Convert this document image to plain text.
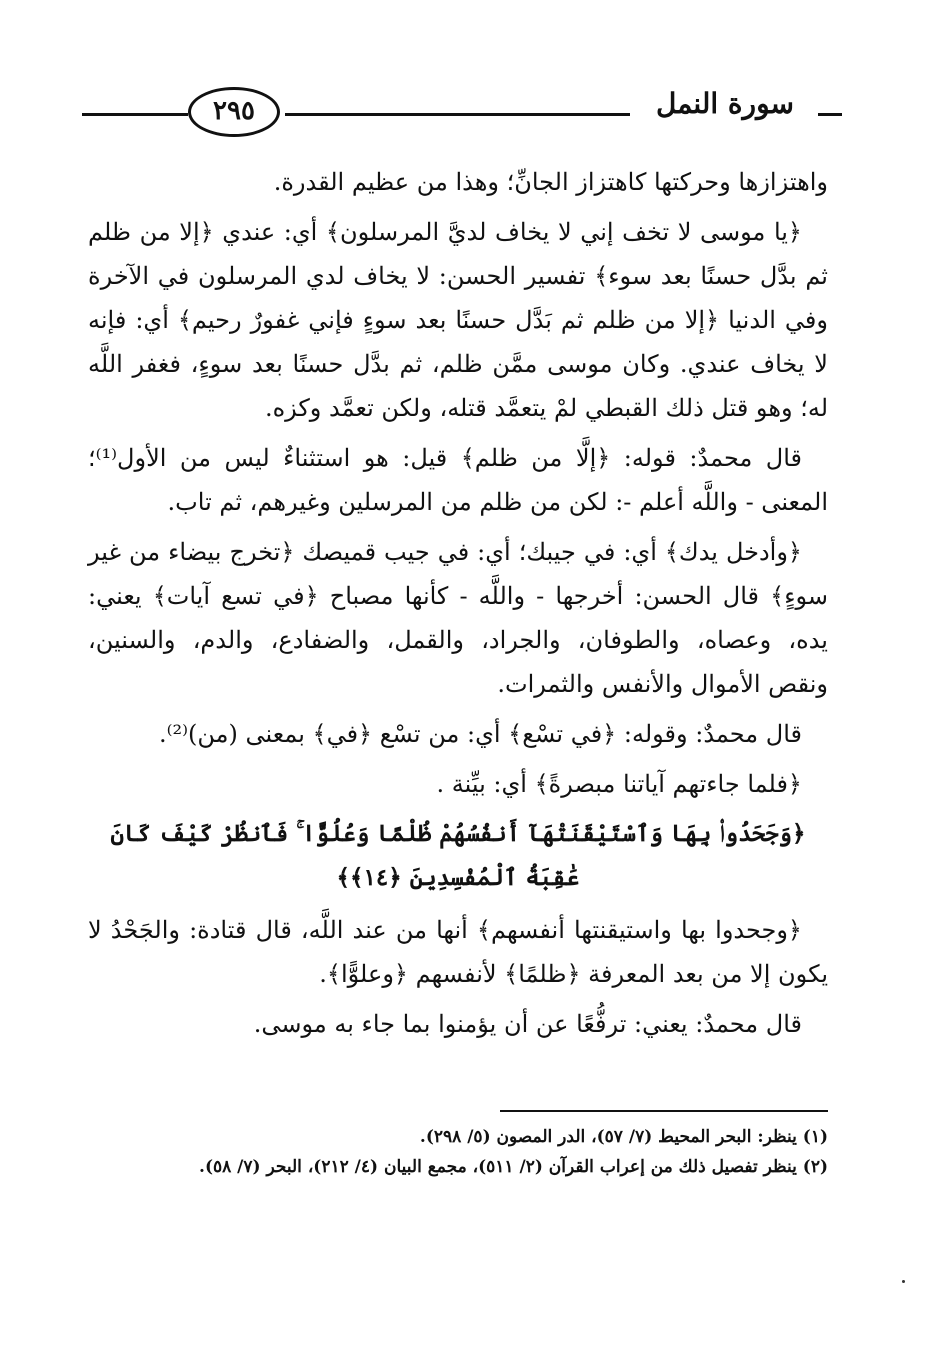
٢٩٥	سورة النمل

واهتزازها وحركتها كاهتزاز الجانِّ؛ وهذا من عظيم القدرة.

﴿يا موسى لا تخف إني لا يخاف لديَّ المرسلون﴾ أي: عندي ﴿إلا من ظلم ثم بدَّل حسنًا بعد سوء﴾ تفسير الحسن: لا يخاف لدي المرسلون في الآخرة وفي الدنيا ﴿إلا من ظلم ثم بَدَّل حسنًا بعد سوءٍ فإني غفورٌ رحيم﴾ أي: فإنه لا يخاف عندي. وكان موسى ممَّن ظلم، ثم بدَّل حسنًا بعد سوءٍ، فغفر اللَّه له؛ وهو قتل ذلك القبطي لمْ يتعمَّد قتله، ولكن تعمَّد وكزه.

قال محمدٌ: قوله: ﴿إلَّا من ظلم﴾ قيل: هو استثناءٌ ليس من الأول⁽¹⁾؛ المعنى - واللَّه أعلم -: لكن من ظلم من المرسلين وغيرهم، ثم تاب.

﴿وأدخل يدك﴾ أي: في جيبك؛ أي: في جيب قميصك ﴿تخرج بيضاء من غير سوءٍ﴾ قال الحسن: أخرجها - واللَّه - كأنها مصباح ﴿في تسع آيات﴾ يعني: يده، وعصاه، والطوفان، والجراد، والقمل، والضفادع، والدم، والسنين، ونقص الأموال والأنفس والثمرات.

قال محمدٌ: وقوله: ﴿في تسْع﴾ أي: من تسْع ﴿في﴾ بمعنى (من)⁽²⁾.

﴿فلما جاءتهم آياتنا مبصرةً﴾ أي: بيِّنة .

﴿وَجَحَدُوا۟ بِهَا وَٱسْتَيْقَنَتْهَآ أَنفُسُهُمْ ظُلْمًا وَعُلُوًّا ۚ فَٱنظُرْ كَيْفَ كَانَ عَٰقِبَةُ ٱلْمُفْسِدِينَ ﴿١٤﴾﴾

﴿وجحدوا بها واستيقنتها أنفسهم﴾ أنها من عند اللَّه، قال قتادة: والجَحْدُ لا يكون إلا من بعد المعرفة ﴿ظلمًا﴾ لأنفسهم ﴿وعلوًّا﴾.

قال محمدٌ: يعني: ترفُّعًا عن أن يؤمنوا بما جاء به موسى.

(١) ينظر: البحر المحيط (٧/ ٥٧)، الدر المصون (٥/ ٢٩٨).

(٢) ينظر تفصيل ذلك من إعراب القرآن (٢/ ٥١١)، مجمع البيان (٤/ ٢١٢)، البحر (٧/ ٥٨).
